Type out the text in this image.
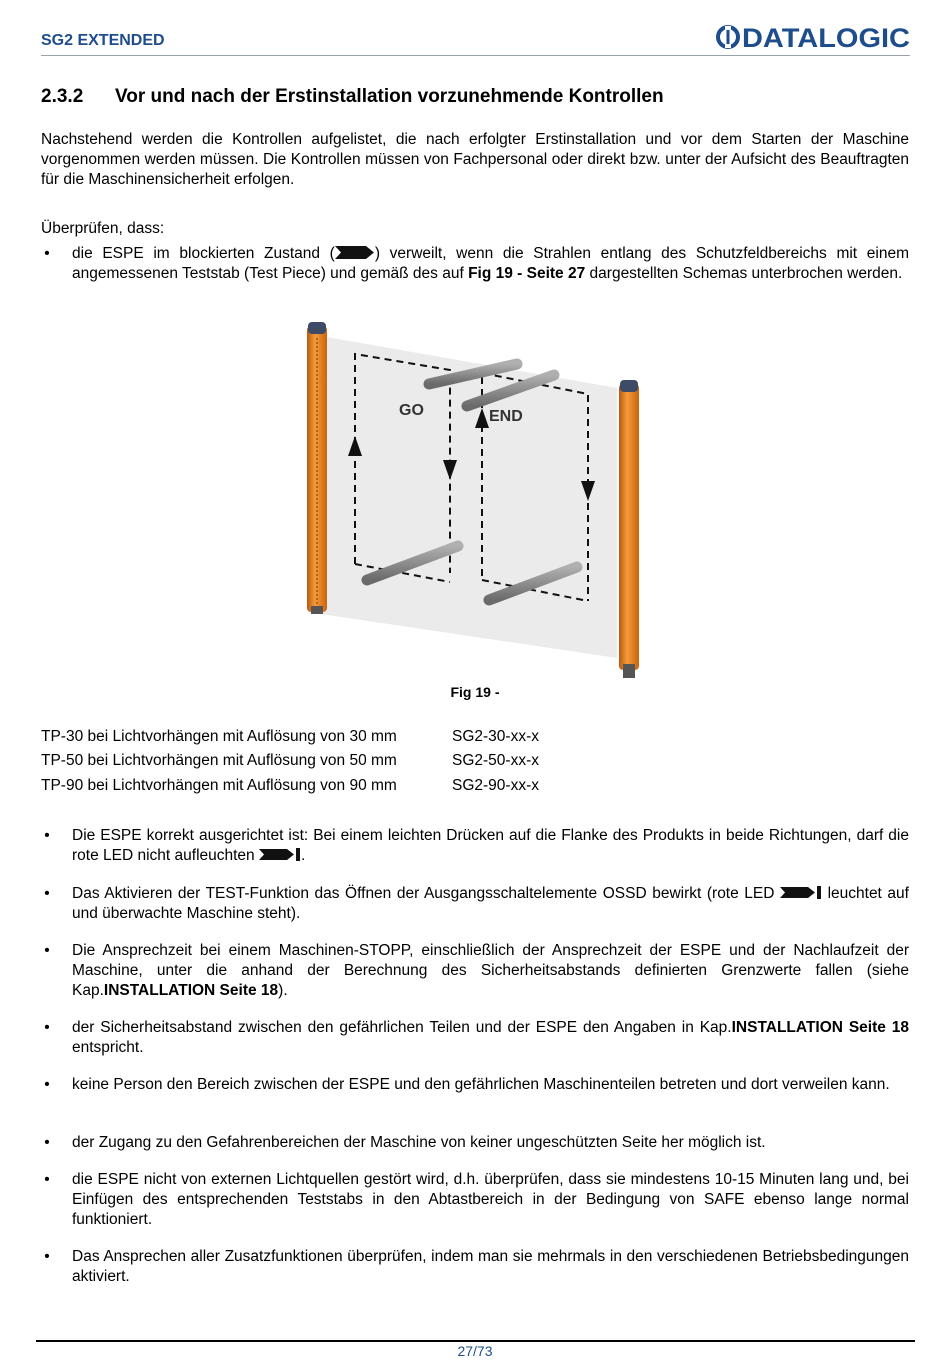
SG2 EXTENDED	DATALOGIC
2.3.2 Vor und nach der Erstinstallation vorzunehmende Kontrollen
Nachstehend werden die Kontrollen aufgelistet, die nach erfolgter Erstinstallation und vor dem Starten der Maschine vorgenommen werden müssen. Die Kontrollen müssen von Fachpersonal oder direkt bzw. unter der Aufsicht des Beauftragten für die Maschinensicherheit erfolgen.
Überprüfen, dass:
• die ESPE im blockierten Zustand (	) verweilt, wenn die Strahlen entlang des Schutzfeldbereichs mit einem angemessenen Teststab (Test Piece) und gemäß des auf Fig 19 - Seite 27 dargestellten Schemas unterbrochen werden.
GO	END
Fig 19 -
TP-30 bei Lichtvorhängen mit Auflösung von 30 mm	SG2-30-xx-x
TP-50 bei Lichtvorhängen mit Auflösung von 50 mm	SG2-50-xx-x
TP-90 bei Lichtvorhängen mit Auflösung von 90 mm	SG2-90-xx-x
• Die ESPE korrekt ausgerichtet ist: Bei einem leichten Drücken auf die Flanke des Produkts in beide Richtungen, darf die rote LED nicht aufleuchten	.
• Das Aktivieren der TEST-Funktion das Öffnen der Ausgangsschaltelemente OSSD bewirkt (rote LED	leuchtet auf und überwachte Maschine steht).
• Die Ansprechzeit bei einem Maschinen-STOPP, einschließlich der Ansprechzeit der ESPE und der Nachlaufzeit der Maschine, unter die anhand der Berechnung des Sicherheitsabstands definierten Grenzwerte fallen (siehe Kap.INSTALLATION Seite 18).
• der Sicherheitsabstand zwischen den gefährlichen Teilen und der ESPE den Angaben in Kap.INSTALLATION Seite 18 entspricht.
• keine Person den Bereich zwischen der ESPE und den gefährlichen Maschinenteilen betreten und dort verweilen kann.
• der Zugang zu den Gefahrenbereichen der Maschine von keiner ungeschützten Seite her möglich ist.
• die ESPE nicht von externen Lichtquellen gestört wird, d.h. überprüfen, dass sie mindestens 10-15 Minuten lang und, bei Einfügen des entsprechenden Teststabs in den Abtastbereich in der Bedingung von SAFE ebenso lange normal funktioniert.
• Das Ansprechen aller Zusatzfunktionen überprüfen, indem man sie mehrmals in den verschiedenen Betriebsbedingungen aktiviert.
27/73
